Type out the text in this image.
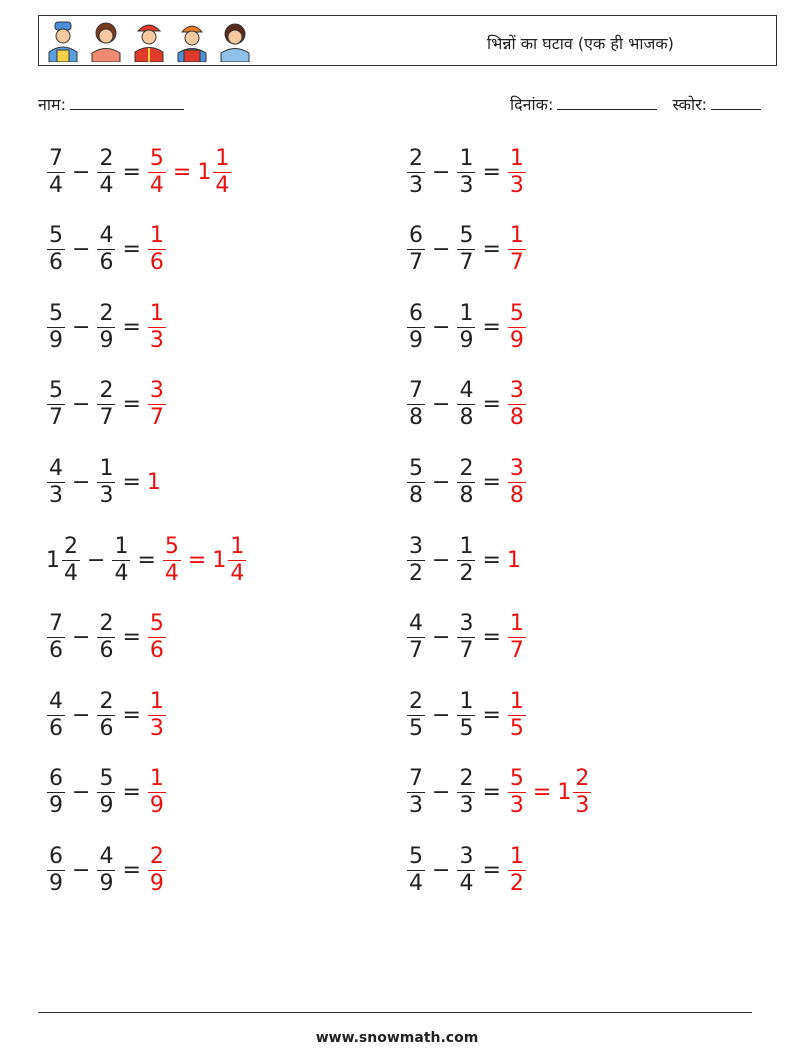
भिन्नों का घटाव (एक ही भाजक)
नाम:	दिनांक:	स्कोर:
$\frac{7}{4} - \frac{2}{4} = \frac{5}{4} = 1 \frac{1}{4}$	$\frac{2}{3} - \frac{1}{3} = \frac{1}{3}$
$\frac{5}{6} - \frac{4}{6} = \frac{1}{6}$	$\frac{6}{7} - \frac{5}{7} = \frac{1}{7}$
$\frac{5}{9} - \frac{2}{9} = \frac{1}{3}$	$\frac{6}{9} - \frac{1}{9} = \frac{5}{9}$
$\frac{5}{7} - \frac{2}{7} = \frac{3}{7}$	$\frac{7}{8} - \frac{4}{8} = \frac{3}{8}$
$\frac{4}{3} - \frac{1}{3} = 1$	$\frac{5}{8} - \frac{2}{8} = \frac{3}{8}$
$1 \frac{2}{4} - \frac{1}{4} = \frac{5}{4} = 1 \frac{1}{4}$	$\frac{3}{2} - \frac{1}{2} = 1$
$\frac{7}{6} - \frac{2}{6} = \frac{5}{6}$	$\frac{4}{7} - \frac{3}{7} = \frac{1}{7}$
$\frac{4}{6} - \frac{2}{6} = \frac{1}{3}$	$\frac{2}{5} - \frac{1}{5} = \frac{1}{5}$
$\frac{6}{9} - \frac{5}{9} = \frac{1}{9}$	$\frac{7}{3} - \frac{2}{3} = \frac{5}{3} = 1 \frac{2}{3}$
$\frac{6}{9} - \frac{4}{9} = \frac{2}{9}$	$\frac{5}{4} - \frac{3}{4} = \frac{1}{2}$
www.snowmath.com
